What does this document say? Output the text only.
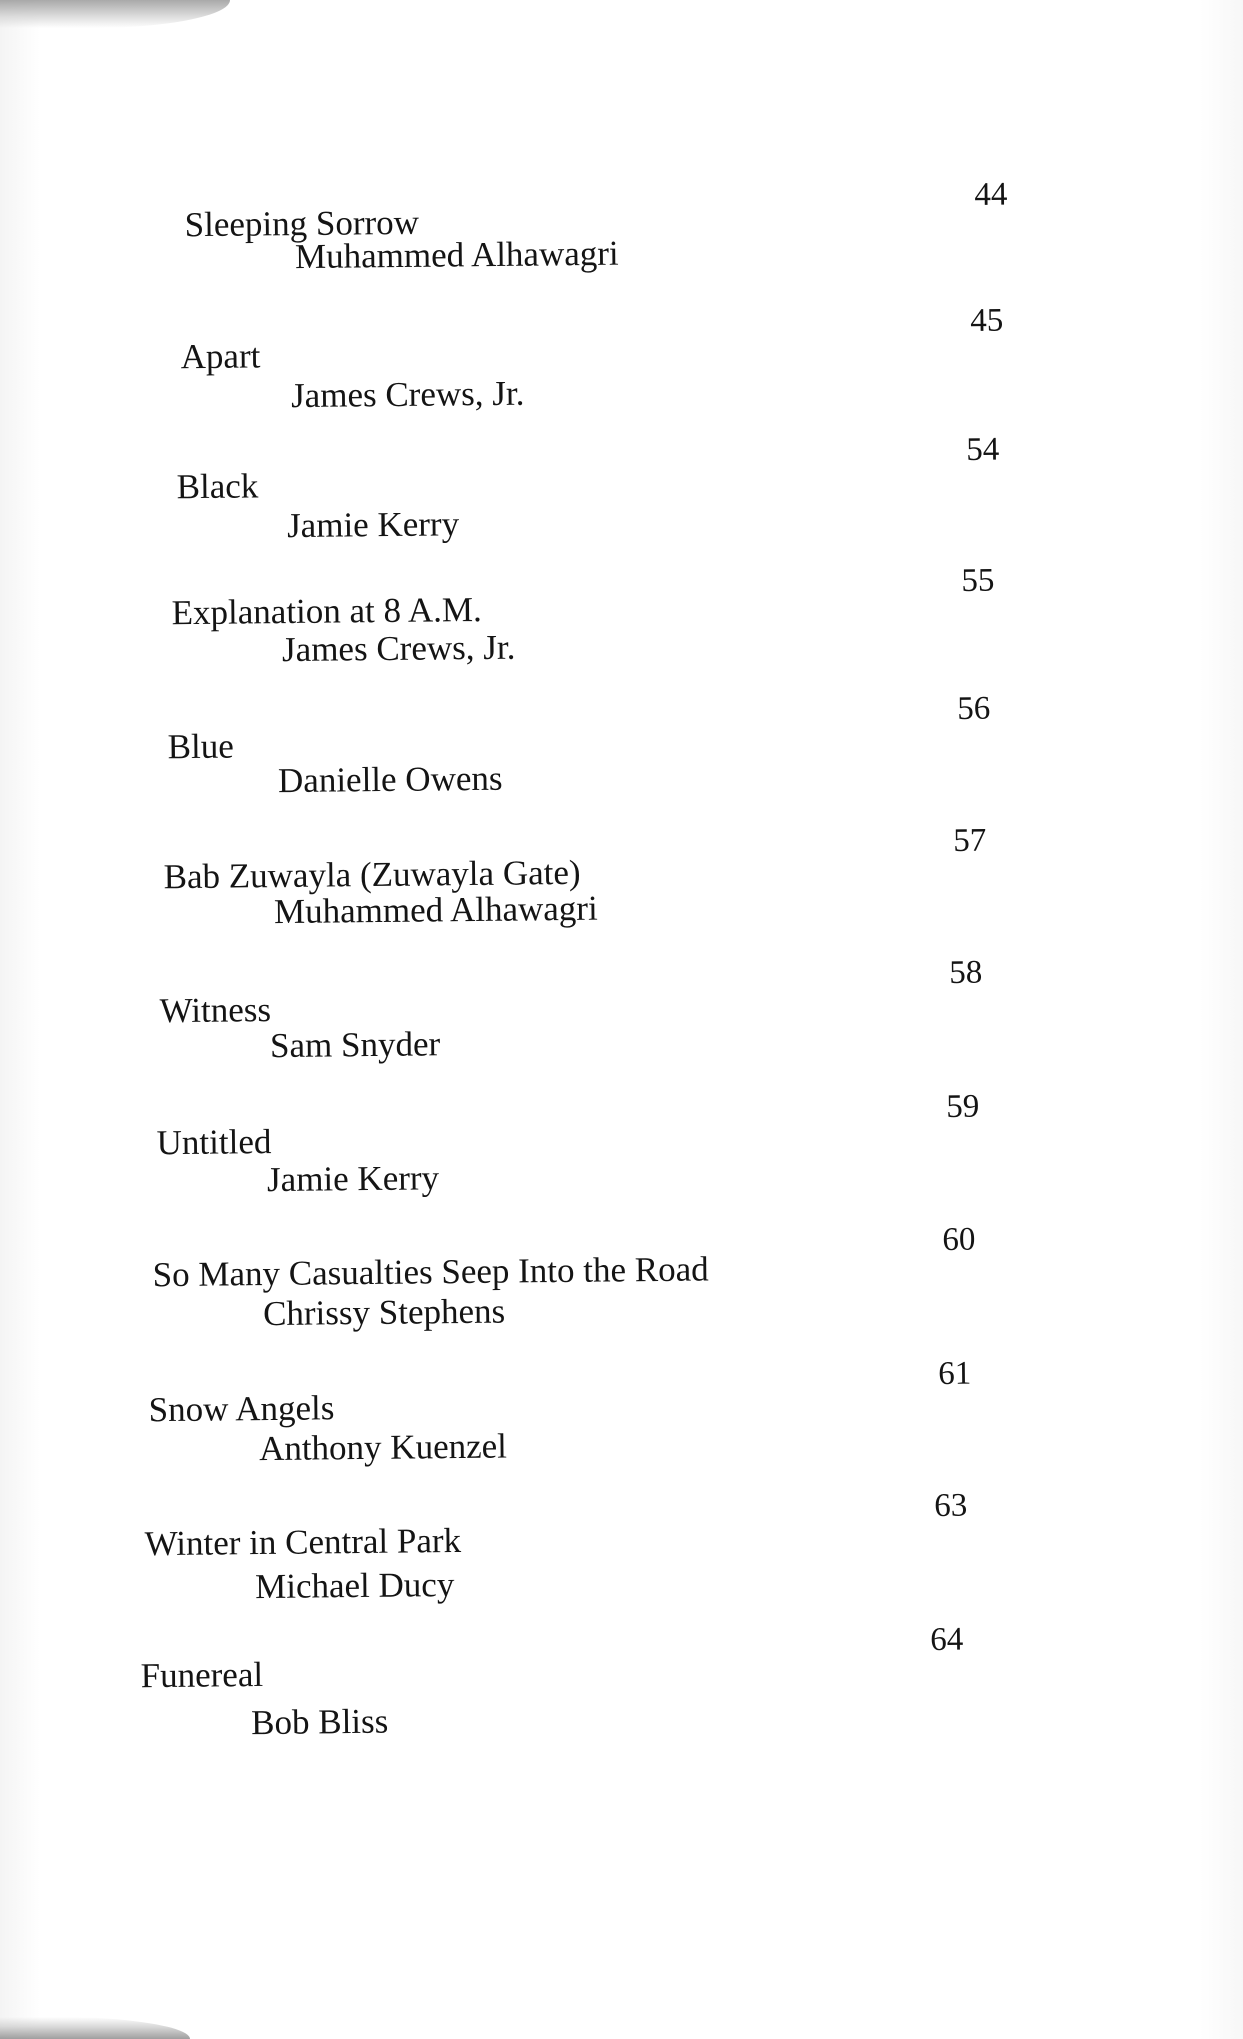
Sleeping Sorrow
Muhammed Alhawagri
44
Apart
James Crews, Jr.
45
Black
Jamie Kerry
54
Explanation at 8 A.M.
James Crews, Jr.
55
Blue
Danielle Owens
56
Bab Zuwayla (Zuwayla Gate)
Muhammed Alhawagri
57
Witness
Sam Snyder
58
Untitled
Jamie Kerry
59
So Many Casualties Seep Into the Road
Chrissy Stephens
60
Snow Angels
Anthony Kuenzel
61
Winter in Central Park
Michael Ducy
63
Funereal
Bob Bliss
64
